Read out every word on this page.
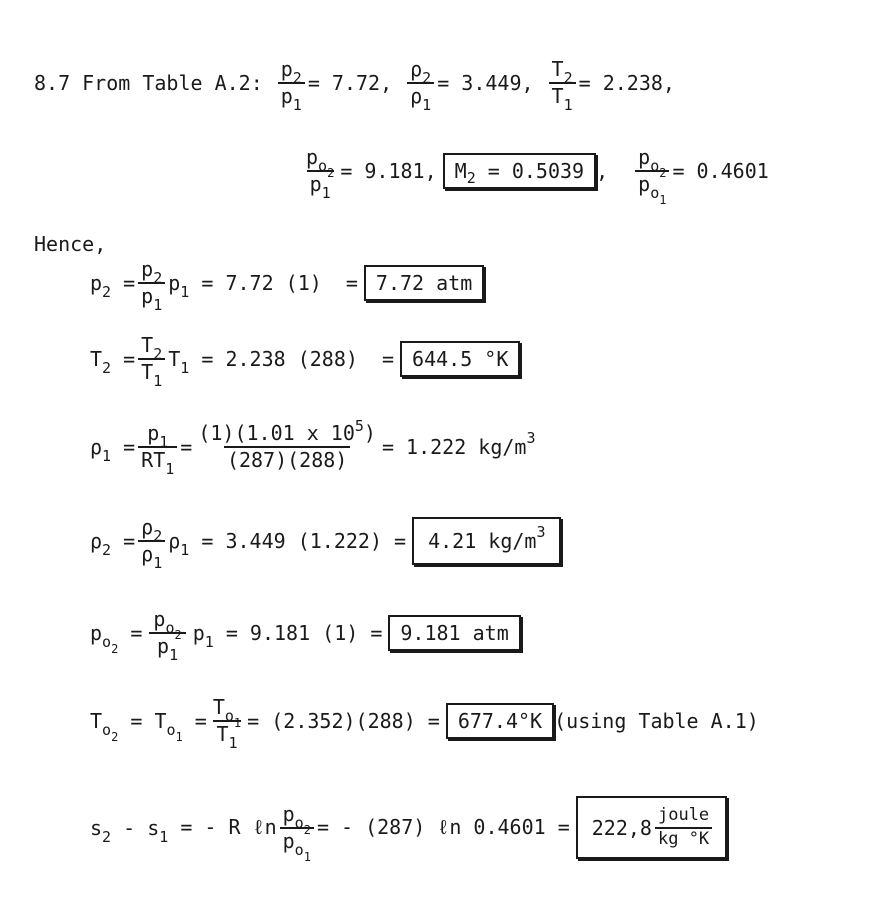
8.7 From Table A.2: $\frac{p_2}{p_1} = 7.72$, $\frac{\rho_2}{\rho_1} = 3.449$, $\frac{T_2}{T_1} = 2.238$,
$\frac{p_{o_2}}{p_1} = 9.181$, M 2
= 0.5039 , $\frac{p_{o_2}}{p_{o_1}} = 0.4601$
Hence,
$p_2 = \frac{p_2}{p_1} p_1 = 7.72$ (1) = 7.72 atm
$T_2 = \frac{T_2}{T_1} T_1 = 2.238$ (288) = 644.5 °K
$\rho_1 = \frac{p_1}{RT_1} = \frac{(1)(1.01 x 10^5)}{(287)(288)} = 1.222$ kg/m 3
$\rho_2 = \frac{\rho_2}{\rho_1} \rho_1 = 3.449$ (1.222) = 4.21 kg/m 3
$p_{o_2}$
= $\frac{p_{o_2}}{p_1} p_1 = 9.181$ (1) = 9.181 atm
$T_{o_2}$
= $T_{o_1}$
= $\frac{T_{o_1}}{T_1} = (2.352)(288) = 677.4^\circ K$ (using Table A.1)
$s_2 - s_1$ = - R ℓn $\frac{p_{o_2}}{p_{o_1}}$ = - (287) ℓn $0.4601 = 222,8 \frac{\text{joule}}{kg ^\circ K}$
